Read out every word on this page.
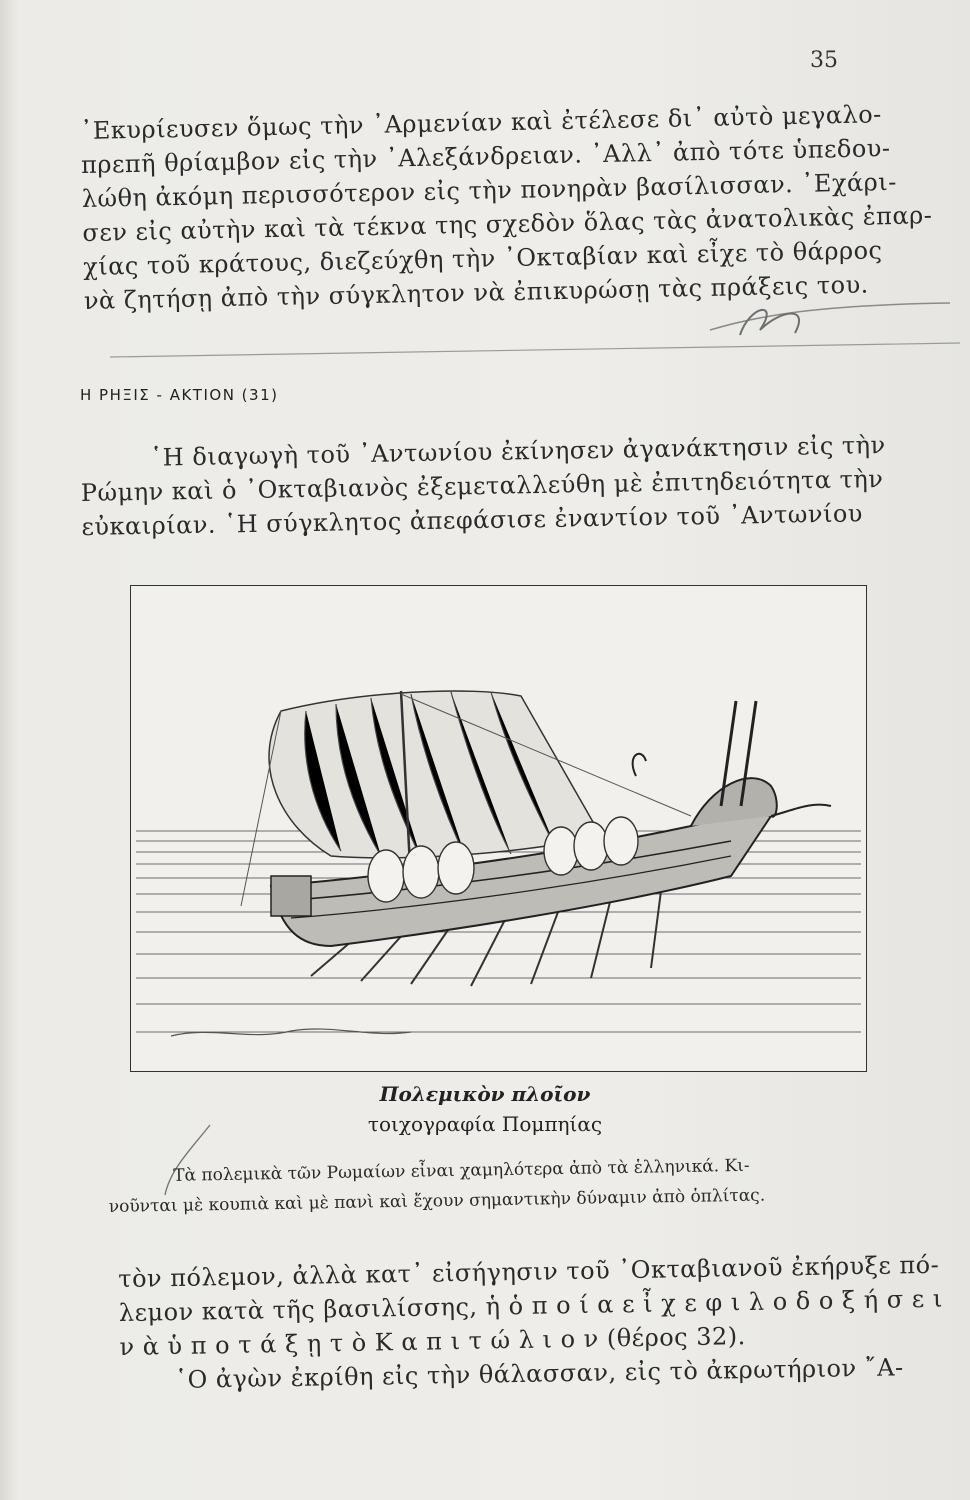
35
᾿Εκυρίευσεν ὅμως τὴν ᾿Αρμενίαν καὶ ἐτέλεσε δι᾿ αὐτὸ μεγαλο-
πρεπῆ θρίαμβον εἰς τὴν ᾿Αλεξάνδρειαν. ᾿Αλλ᾿ ἀπὸ τότε ὑπεδου-
λώθη ἀκόμη περισσότερον εἰς τὴν πονηρὰν βασίλισσαν. ᾿Εχάρι-
σεν εἰς αὐτὴν καὶ τὰ τέκνα της σχεδὸν ὅλας τὰς ἀνατολικὰς ἐπαρ-
χίας τοῦ κράτους, διεζεύχθη τὴν ᾿Οκταβίαν καὶ εἶχε τὸ θάρρος
νὰ ζητήσῃ ἀπὸ τὴν σύγκλητον νὰ ἐπικυρώσῃ τὰς πράξεις του.
Η ΡΗΞΙΣ - ΑΚΤΙΟΝ (31)
῾Η διαγωγὴ τοῦ ᾿Αντωνίου ἐκίνησεν ἀγανάκτησιν εἰς τὴν
Ρώμην καὶ ὁ ᾿Οκταβιανὸς ἐξεμεταλλεύθη μὲ ἐπιτηδειότητα τὴν
εὐκαιρίαν. ῾Η σύγκλητος ἀπεφάσισε ἐναντίον τοῦ ᾿Αντωνίου
Πολεμικὸν πλοῖον
τοιχογραφία Πομπηίας
Τὰ πολεμικὰ τῶν Ρωμαίων εἶναι χαμηλότερα ἀπὸ τὰ ἑλληνικά. Κι-
νοῦνται μὲ κουπιὰ καὶ μὲ πανὶ καὶ ἔχουν σημαντικὴν δύναμιν ἀπὸ ὁπλίτας.
τὸν πόλεμον, ἀλλὰ κατ᾿ εἰσήγησιν τοῦ ᾿Οκταβιανοῦ ἐκήρυξε πό-
λεμον κατὰ τῆς βασιλίσσης, ἡ ὁ π ο ί α ε ἶ χ ε φ ι λ ο δ ο ξ ή σ ε ι
ν ὰ ὑ π ο τ ά ξ ῃ τ ὸ Κ α π ι τ ώ λ ι ο ν (θέρος 32).
῾Ο ἀγὼν ἐκρίθη εἰς τὴν θάλασσαν, εἰς τὸ ἀκρωτήριον ῎Α-
